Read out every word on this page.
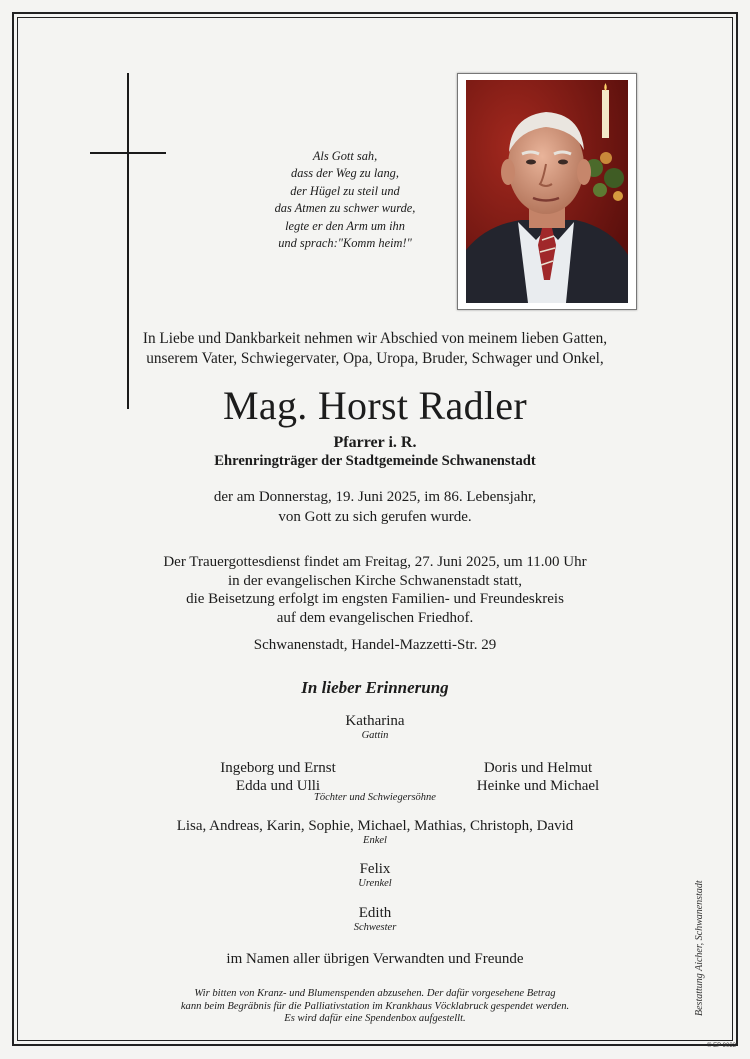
Als Gott sah,
dass der Weg zu lang,
der Hügel zu steil und
das Atmen zu schwer wurde,
legte er den Arm um ihn
und sprach:"Komm heim!"
In Liebe und Dankbarkeit nehmen wir Abschied von meinem lieben Gatten,
unserem Vater, Schwiegervater, Opa, Uropa, Bruder, Schwager und Onkel,
Mag. Horst Radler
Pfarrer i. R.
Ehrenringträger der Stadtgemeinde Schwanenstadt
der am Donnerstag, 19. Juni 2025, im 86. Lebensjahr,
von Gott zu sich gerufen wurde.
Der Trauergottesdienst findet am Freitag, 27. Juni 2025, um 11.00 Uhr
in der evangelischen Kirche Schwanenstadt statt,
die Beisetzung erfolgt im engsten Familien- und Freundeskreis
auf dem evangelischen Friedhof.
Schwanenstadt, Handel-Mazzetti-Str. 29
In lieber Erinnerung
Katharina
Gattin
Ingeborg und Ernst
Edda und Ulli
Doris und Helmut
Heinke und Michael
Töchter und Schwiegersöhne
Lisa, Andreas, Karin, Sophie, Michael, Mathias, Christoph, David
Enkel
Felix
Urenkel
Edith
Schwester
im Namen aller übrigen Verwandten und Freunde
Wir bitten von Kranz- und Blumenspenden abzusehen. Der dafür vorgesehene Betrag
kann beim Begräbnis für die Palliativstation im Krankhaus Vöcklabruck gespendet werden.
Es wird dafür eine Spendenbox aufgestellt.
Bestattung Aicher, Schwanenstadt
© EP 9033
